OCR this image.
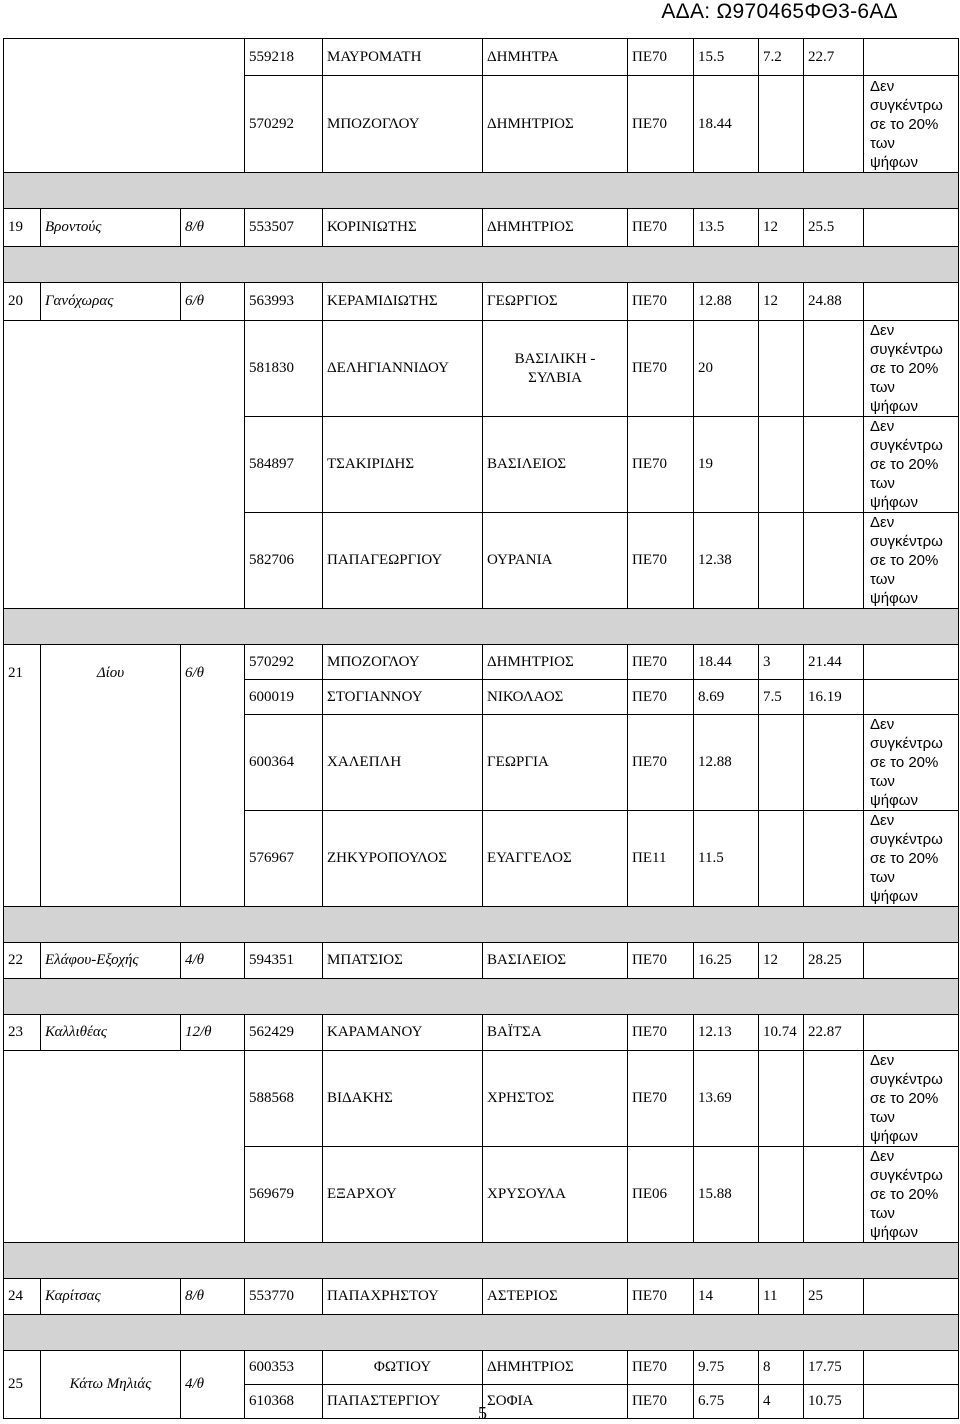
ΑΔΑ: Ω970465ΦΘ3-6ΑΔ
			559218	ΜΑΥΡΟΜΑΤΗ	ΔΗΜΗΤΡΑ	ΠΕ70	15.5	7.2	22.7	
			570292	ΜΠΟΖΟΓΛΟΥ	ΔΗΜΗΤΡΙΟΣ	ΠΕ70	18.44			Δεν
συγκέντρω
σε το 20%
των
ψήφων

19	Βροντούς	8/θ	553507	ΚΟΡΙΝΙΩΤΗΣ	ΔΗΜΗΤΡΙΟΣ	ΠΕ70	13.5	12	25.5	

20	Γανόχωρας	6/θ	563993	ΚΕΡΑΜΙΔΙΩΤΗΣ	ΓΕΩΡΓΙΟΣ	ΠΕ70	12.88	12	24.88	
			581830	ΔΕΛΗΓΙΑΝΝΙΔΟΥ	ΒΑΣΙΛΙΚΗ - ΣΥΛΒΙΑ	ΠΕ70	20			Δεν
συγκέντρω
σε το 20%
των
ψήφων

			584897	ΤΣΑΚΙΡΙΔΗΣ	ΒΑΣΙΛΕΙΟΣ	ΠΕ70	19			Δεν
συγκέντρω
σε το 20%
των
ψήφων

			582706	ΠΑΠΑΓΕΩΡΓΙΟΥ	ΟΥΡΑΝΙΑ	ΠΕ70	12.38			Δεν
συγκέντρω
σε το 20%
των
ψήφων

21	Δίου	6/θ	570292	ΜΠΟΖΟΓΛΟΥ	ΔΗΜΗΤΡΙΟΣ	ΠΕ70	18.44	3	21.44	
			600019	ΣΤΟΓΙΑΝΝΟΥ	ΝΙΚΟΛΑΟΣ	ΠΕ70	8.69	7.5	16.19	
			600364	ΧΑΛΕΠΛΗ	ΓΕΩΡΓΙΑ	ΠΕ70	12.88			Δεν
συγκέντρω
σε το 20%
των
ψήφων

			576967	ΖΗΚΥΡΟΠΟΥΛΟΣ	ΕΥΑΓΓΕΛΟΣ	ΠΕ11	11.5			Δεν
συγκέντρω
σε το 20%
των
ψήφων

22	Ελάφου-Εξοχής	4/θ	594351	ΜΠΑΤΣΙΟΣ	ΒΑΣΙΛΕΙΟΣ	ΠΕ70	16.25	12	28.25	

23	Καλλιθέας	12/θ	562429	ΚΑΡΑΜΑΝΟΥ	ΒΑΪΤΣΑ	ΠΕ70	12.13	10.74	22.87	
			588568	ΒΙΔΑΚΗΣ	ΧΡΗΣΤΟΣ	ΠΕ70	13.69			Δεν
συγκέντρω
σε το 20%
των
ψήφων

			569679	ΕΞΑΡΧΟΥ	ΧΡΥΣΟΥΛΑ	ΠΕ06	15.88			Δεν
συγκέντρω
σε το 20%
των
ψήφων

24	Καρίτσας	8/θ	553770	ΠΑΠΑΧΡΗΣΤΟΥ	ΑΣΤΕΡΙΟΣ	ΠΕ70	14	11	25	

25	Κάτω Μηλιάς	4/θ	600353	ΦΩΤΙΟΥ	ΔΗΜΗΤΡΙΟΣ	ΠΕ70	9.75	8	17.75	
			610368	ΠΑΠΑΣΤΕΡΓΙΟΥ	ΣΟΦΙΑ	ΠΕ70	6.75	4	10.75	
5
